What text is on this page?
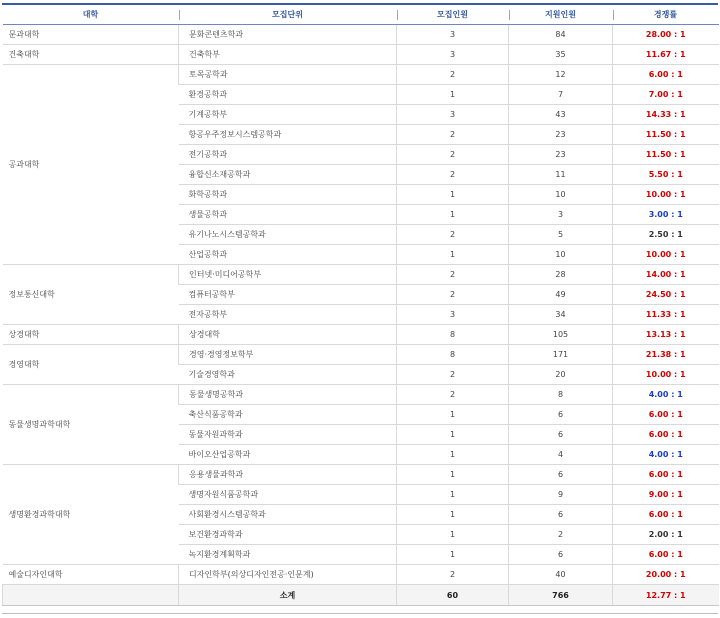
대학	모집단위	모집인원	지원인원	경쟁률
문과대학	문화콘텐츠학과	3	84	28.00 : 1
건축대학	건축학부	3	35	11.67 : 1
공과대학	토목공학과	2	12	6.00 : 1
	환경공학과	1	7	7.00 : 1
	기계공학부	3	43	14.33 : 1
	항공우주정보시스템공학과	2	23	11.50 : 1
	전기공학과	2	23	11.50 : 1
	융합신소재공학과	2	11	5.50 : 1
	화학공학과	1	10	10.00 : 1
	생물공학과	1	3	3.00 : 1
	유기나노시스템공학과	2	5	2.50 : 1
	산업공학과	1	10	10.00 : 1
정보통신대학	인터넷·미디어공학부	2	28	14.00 : 1
	컴퓨터공학부	2	49	24.50 : 1
	전자공학부	3	34	11.33 : 1
상경대학	상경대학	8	105	13.13 : 1
경영대학	경영·경영정보학부	8	171	21.38 : 1
	기술경영학과	2	20	10.00 : 1
동물생명과학대학	동물생명공학과	2	8	4.00 : 1
	축산식품공학과	1	6	6.00 : 1
	동물자원과학과	1	6	6.00 : 1
	바이오산업공학과	1	4	4.00 : 1
생명환경과학대학	응용생물과학과	1	6	6.00 : 1
	생명자원식품공학과	1	9	9.00 : 1
	사회환경시스템공학과	1	6	6.00 : 1
	보건환경과학과	1	2	2.00 : 1
	녹지환경계획학과	1	6	6.00 : 1
예술디자인대학	디자인학부(의상디자인전공·인문계)	2	40	20.00 : 1
	소계	60	766	12.77 : 1
